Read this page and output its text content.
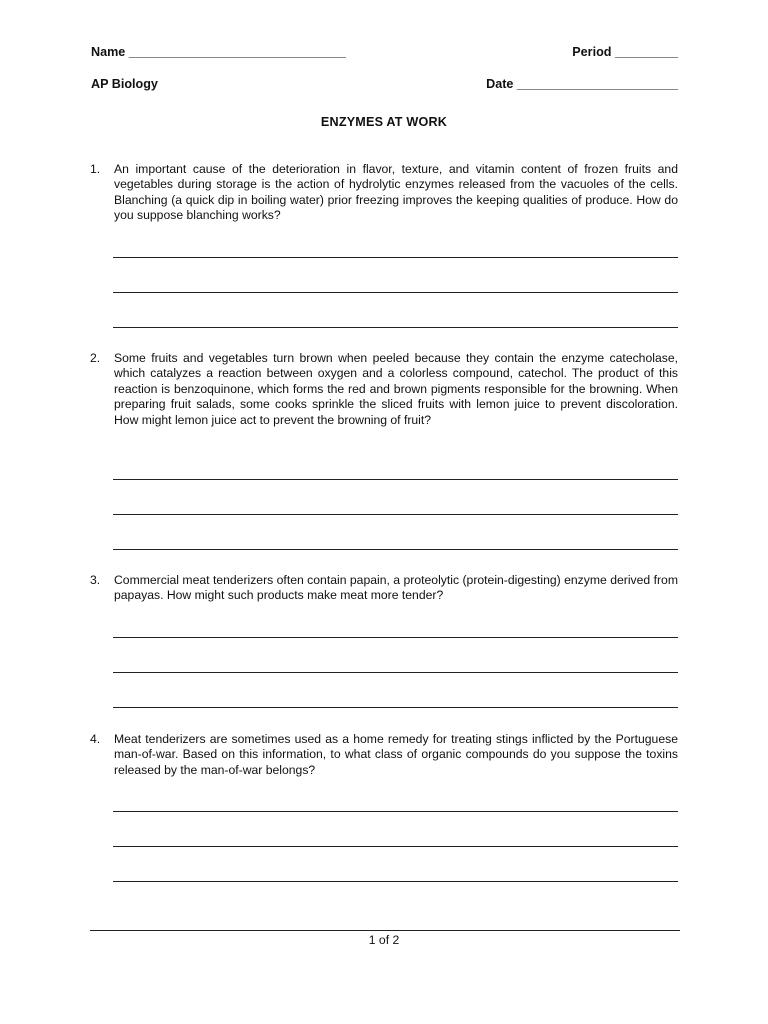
Name _______________________________	Period _________
AP Biology	Date _______________________
ENZYMES AT WORK
1. An important cause of the deterioration in flavor, texture, and vitamin content of frozen fruits and vegetables during storage is the action of hydrolytic enzymes released from the vacuoles of the cells. Blanching (a quick dip in boiling water) prior freezing improves the keeping qualities of produce. How do you suppose blanching works?
2. Some fruits and vegetables turn brown when peeled because they contain the enzyme catecholase, which catalyzes a reaction between oxygen and a colorless compound, catechol. The product of this reaction is benzoquinone, which forms the red and brown pigments responsible for the browning. When preparing fruit salads, some cooks sprinkle the sliced fruits with lemon juice to prevent discoloration. How might lemon juice act to prevent the browning of fruit?
3. Commercial meat tenderizers often contain papain, a proteolytic (protein-digesting) enzyme derived from papayas. How might such products make meat more tender?
4. Meat tenderizers are sometimes used as a home remedy for treating stings inflicted by the Portuguese man-of-war. Based on this information, to what class of organic compounds do you suppose the toxins released by the man-of-war belongs?
1 of 2
